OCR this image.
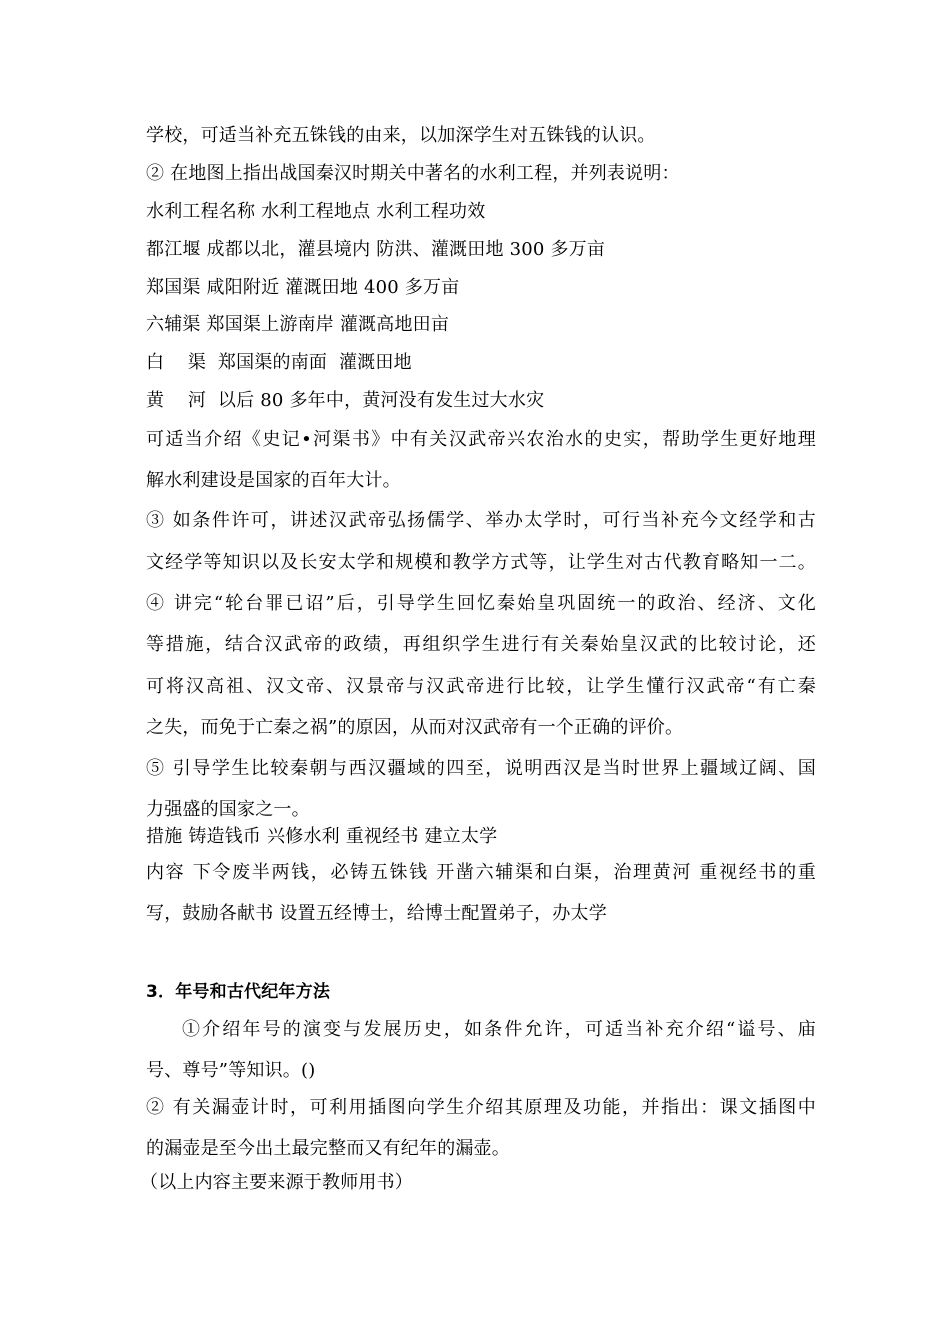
学校，可适当补充五铢钱的由来，以加深学生对五铢钱的认识。
② 在地图上指出战国秦汉时期关中著名的水利工程，并列表说明：
水利工程名称 水利工程地点 水利工程功效
都江堰 成都以北，灌县境内 防洪、灌溉田地 300 多万亩
郑国渠 咸阳附近 灌溉田地 400 多万亩
六辅渠 郑国渠上游南岸 灌溉高地田亩
白    渠  郑国渠的南面  灌溉田地
黄    河  以后 80 多年中，黄河没有发生过大水灾
可适当介绍《史记•河渠书》中有关汉武帝兴农治水的史实，帮助学生更好地理
解水利建设是国家的百年大计。
③ 如条件许可，讲述汉武帝弘扬儒学、举办太学时，可行当补充今文经学和古
文经学等知识以及长安太学和规模和教学方式等，让学生对古代教育略知一二。
④ 讲完“轮台罪已诏”后，引导学生回忆秦始皇巩固统一的政治、经济、文化
等措施，结合汉武帝的政绩，再组织学生进行有关秦始皇汉武的比较讨论，还
可将汉高祖、汉文帝、汉景帝与汉武帝进行比较，让学生懂行汉武帝“有亡秦
之失，而免于亡秦之祸”的原因，从而对汉武帝有一个正确的评价。
⑤ 引导学生比较秦朝与西汉疆域的四至，说明西汉是当时世界上疆域辽阔、国
力强盛的国家之一。
措施 铸造钱币 兴修水利 重视经书 建立太学
内容 下令废半两钱，必铸五铢钱 开凿六辅渠和白渠，治理黄河 重视经书的重
写，鼓励各献书 设置五经博士，给博士配置弟子，办太学
3．年号和古代纪年方法
①介绍年号的演变与发展历史，如条件允许，可适当补充介绍“谥号、庙
号、尊号”等知识。()
② 有关漏壶计时，可利用插图向学生介绍其原理及功能，并指出：课文插图中
的漏壶是至今出土最完整而又有纪年的漏壶。
（以上内容主要来源于教师用书）
